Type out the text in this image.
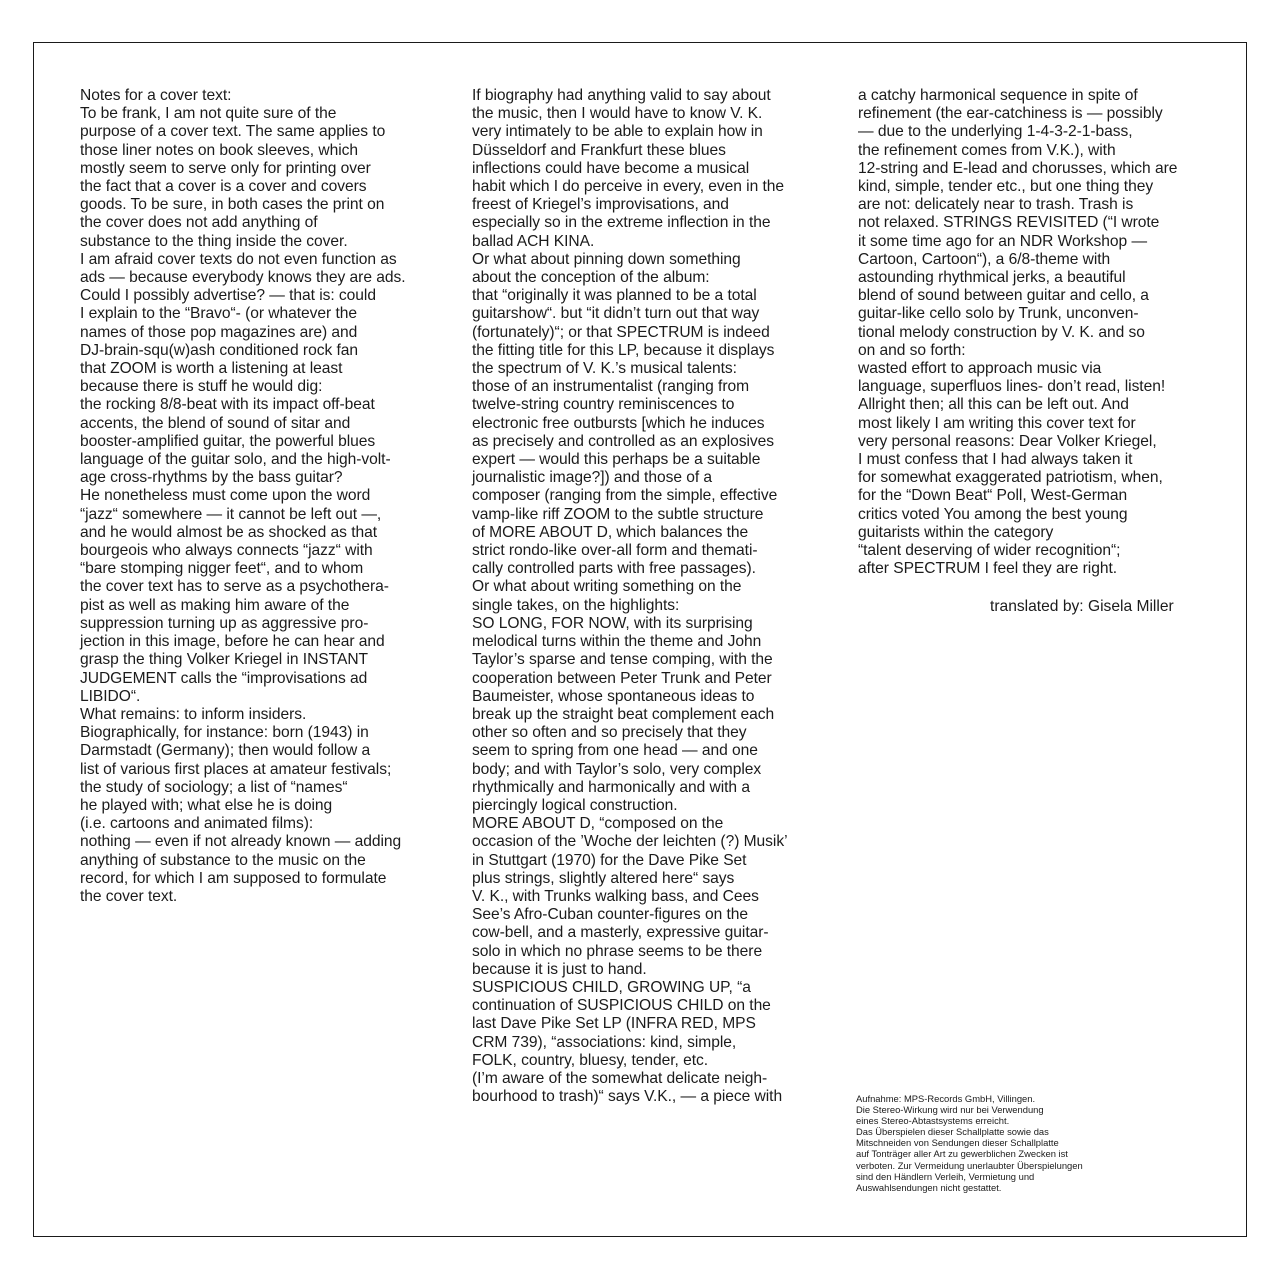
Notes for a cover text:
To be frank, I am not quite sure of the
purpose of a cover text. The same applies to
those liner notes on book sleeves, which
mostly seem to serve only for printing over
the fact that a cover is a cover and covers
goods. To be sure, in both cases the print on
the cover does not add anything of
substance to the thing inside the cover.
I am afraid cover texts do not even function as
ads — because everybody knows they are ads.
Could I possibly advertise? — that is: could
I explain to the “Bravo“- (or whatever the
names of those pop magazines are) and
DJ-brain-squ(w)ash conditioned rock fan
that ZOOM is worth a listening at least
because there is stuff he would dig:
the rocking 8/8-beat with its impact off-beat
accents, the blend of sound of sitar and
booster-amplified guitar, the powerful blues
language of the guitar solo, and the high-volt-
age cross-rhythms by the bass guitar?
He nonetheless must come upon the word
“jazz“ somewhere — it cannot be left out —,
and he would almost be as shocked as that
bourgeois who always connects “jazz“ with
“bare stomping nigger feet“, and to whom
the cover text has to serve as a psychothera-
pist as well as making him aware of the
suppression turning up as aggressive pro-
jection in this image, before he can hear and
grasp the thing Volker Kriegel in INSTANT
JUDGEMENT calls the “improvisations ad
LIBIDO“.
What remains: to inform insiders.
Biographically, for instance: born (1943) in
Darmstadt (Germany); then would follow a
list of various first places at amateur festivals;
the study of sociology; a list of “names“
he played with; what else he is doing
(i.e. cartoons and animated films):
nothing — even if not already known — adding
anything of substance to the music on the
record, for which I am supposed to formulate
the cover text.
If biography had anything valid to say about
the music, then I would have to know V. K.
very intimately to be able to explain how in
Düsseldorf and Frankfurt these blues
inflections could have become a musical
habit which I do perceive in every, even in the
freest of Kriegel’s improvisations, and
especially so in the extreme inflection in the
ballad ACH KINA.
Or what about pinning down something
about the conception of the album:
that “originally it was planned to be a total
guitarshow“. but “it didn’t turn out that way
(fortunately)“; or that SPECTRUM is indeed
the fitting title for this LP, because it displays
the spectrum of V. K.’s musical talents:
those of an instrumentalist (ranging from
twelve-string country reminiscences to
electronic free outbursts [which he induces
as precisely and controlled as an explosives
expert — would this perhaps be a suitable
journalistic image?]) and those of a
composer (ranging from the simple, effective
vamp-like riff ZOOM to the subtle structure
of MORE ABOUT D, which balances the
strict rondo-like over-all form and themati-
cally controlled parts with free passages).
Or what about writing something on the
single takes, on the highlights:
SO LONG, FOR NOW, with its surprising
melodical turns within the theme and John
Taylor’s sparse and tense comping, with the
cooperation between Peter Trunk and Peter
Baumeister, whose spontaneous ideas to
break up the straight beat complement each
other so often and so precisely that they
seem to spring from one head — and one
body; and with Taylor’s solo, very complex
rhythmically and harmonically and with a
piercingly logical construction.
MORE ABOUT D, “composed on the
occasion of the ’Woche der leichten (?) Musik’
in Stuttgart (1970) for the Dave Pike Set
plus strings, slightly altered here“ says
V. K., with Trunks walking bass, and Cees
See’s Afro-Cuban counter-figures on the
cow-bell, and a masterly, expressive guitar-
solo in which no phrase seems to be there
because it is just to hand.
SUSPICIOUS CHILD, GROWING UP, “a
continuation of SUSPICIOUS CHILD on the
last Dave Pike Set LP (INFRA RED, MPS
CRM 739), “associations: kind, simple,
FOLK, country, bluesy, tender, etc.
(I’m aware of the somewhat delicate neigh-
bourhood to trash)“ says V.K., — a piece with
a catchy harmonical sequence in spite of
refinement (the ear-catchiness is — possibly
— due to the underlying 1-4-3-2-1-bass,
the refinement comes from V.K.), with
12-string and E-lead and chorusses, which are
kind, simple, tender etc., but one thing they
are not: delicately near to trash. Trash is
not relaxed. STRINGS REVISITED (“I wrote
it some time ago for an NDR Workshop —
Cartoon, Cartoon“), a 6/8-theme with
astounding rhythmical jerks, a beautiful
blend of sound between guitar and cello, a
guitar-like cello solo by Trunk, unconven-
tional melody construction by V. K. and so
on and so forth:
wasted effort to approach music via
language, superfluos lines- don’t read, listen!
Allright then; all this can be left out. And
most likely I am writing this cover text for
very personal reasons: Dear Volker Kriegel,
I must confess that I had always taken it
for somewhat exaggerated patriotism, when,
for the “Down Beat“ Poll, West-German
critics voted You among the best young
guitarists within the category
“talent deserving of wider recognition“;
after SPECTRUM I feel they are right.
translated by: Gisela Miller
Aufnahme: MPS-Records GmbH, Villingen.
Die Stereo-Wirkung wird nur bei Verwendung
eines Stereo-Abtastsystems erreicht.
Das Überspielen dieser Schallplatte sowie das
Mitschneiden von Sendungen dieser Schallplatte
auf Tonträger aller Art zu gewerblichen Zwecken ist
verboten. Zur Vermeidung unerlaubter Überspielungen
sind den Händlern Verleih, Vermietung und
Auswahlsendungen nicht gestattet.
